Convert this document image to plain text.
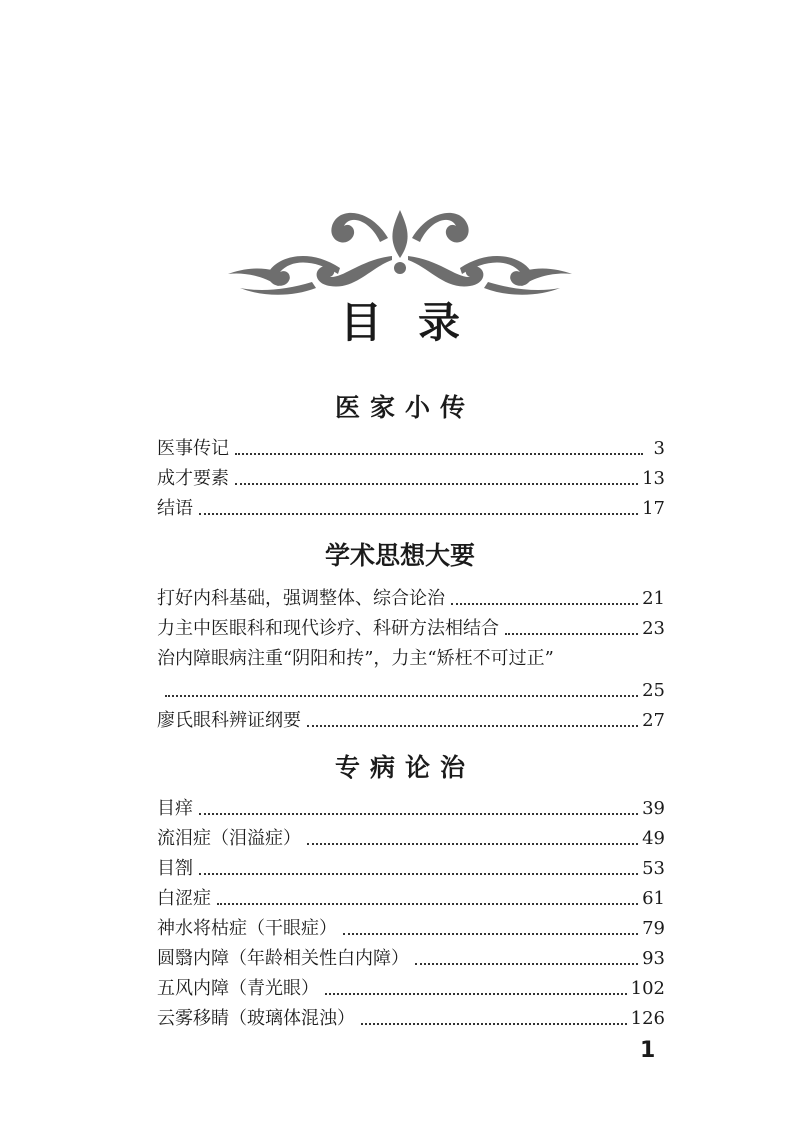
目录
医家小传
医事传记	3
成才要素	13
结语	17
学术思想大要
打好内科基础，强调整体、综合论治	21
力主中医眼科和现代诊疗、科研方法相结合	23
治内障眼病注重“阴阳和抟”，力主“矫枉不可过正”
25
廖氏眼科辨证纲要	27
专病论治
目痒	39
流泪症（泪溢症）	49
目劄	53
白涩症	61
神水将枯症（干眼症）	79
圆翳内障（年龄相关性白内障）	93
五风内障（青光眼）	102
云雾移睛（玻璃体混浊）	126
1
